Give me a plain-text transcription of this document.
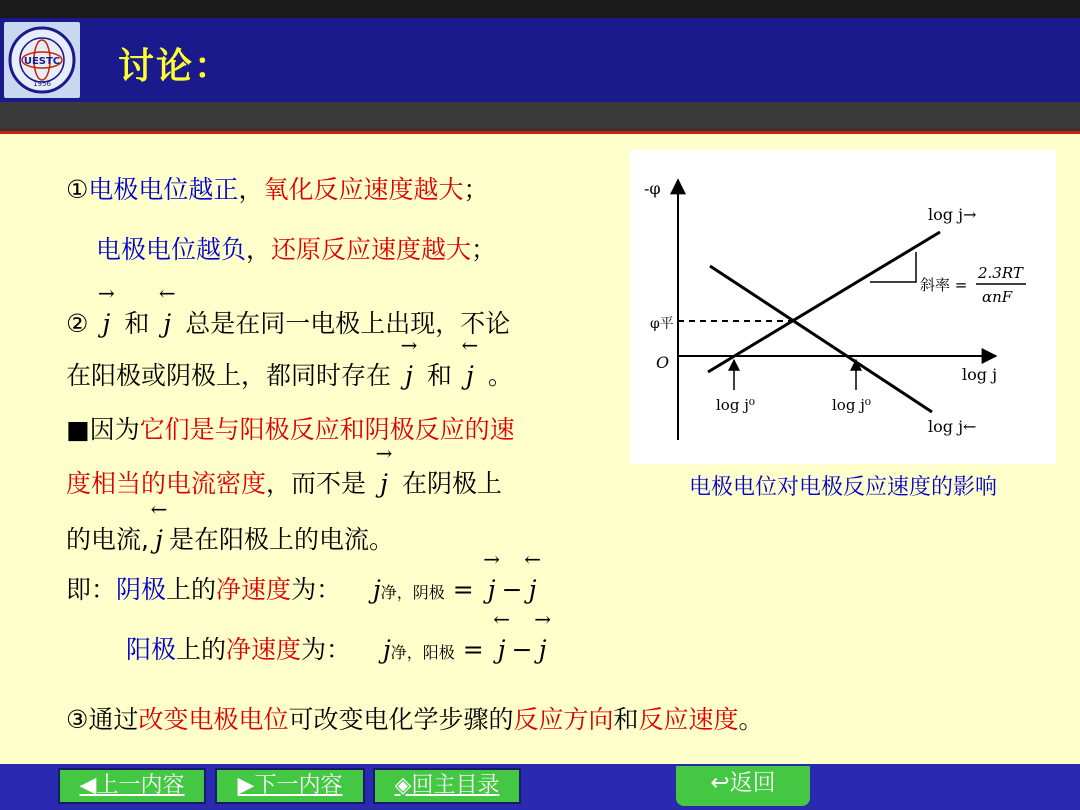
UESTC
1956 讨论：
①电极电位越正，氧化反应速度越大；
电极电位越负，还原反应速度越大；
②
→
j 和
←
j 总是在同一电极上出现，不论
在阳极或阴极上，都同时存在
→
j 和
←
j 。
■因为它们是与阳极反应和阴极反应的速
度相当的电流密度，而不是
→
j 在阴极上
的电流,
←
j 是在阳极上的电流。
即：阴极上的净速度为： j净，阴极 =
→
j −
←
j
阳极上的净速度为： j净，阳极 =
←
j −
→
j
③通过改变电极电位可改变电化学步骤的反应方向和反应速度。
-φ
O
log j
log j→
log j←
φ平
斜率 =
2.3RT
αnF
log j⁰	log j⁰
电极电位对电极反应速度的影响
◀上一内容	▶下一内容	◈回主目录	↩返回
